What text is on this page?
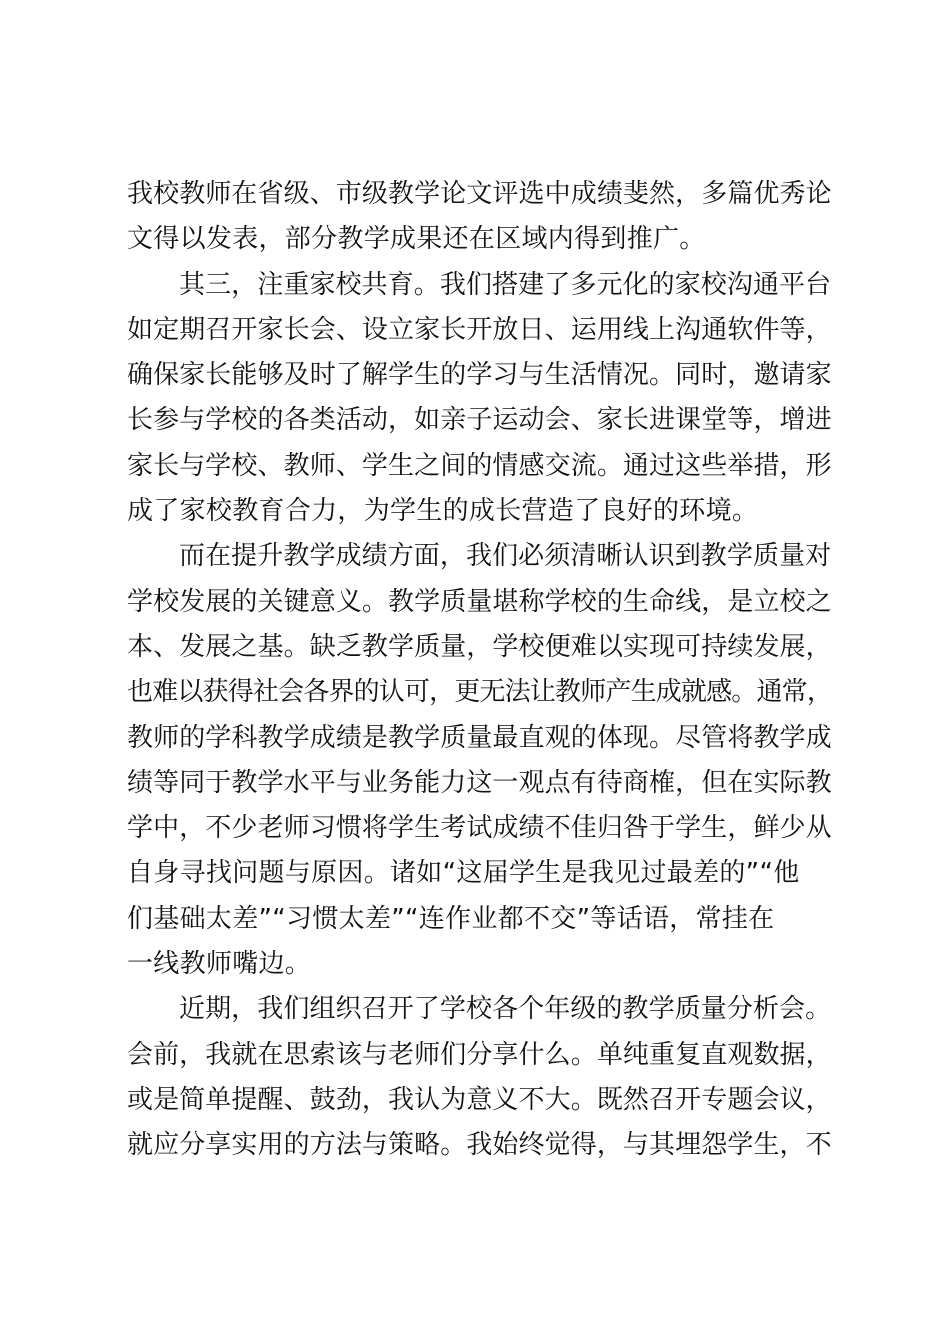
我校教师在省级、市级教学论文评选中成绩斐然，多篇优秀论
文得以发表，部分教学成果还在区域内得到推广。
其三，注重家校共育。我们搭建了多元化的家校沟通平台
如定期召开家长会、设立家长开放日、运用线上沟通软件等，
确保家长能够及时了解学生的学习与生活情况。同时，邀请家
长参与学校的各类活动，如亲子运动会、家长进课堂等，增进
家长与学校、教师、学生之间的情感交流。通过这些举措，形
成了家校教育合力，为学生的成长营造了良好的环境。
而在提升教学成绩方面，我们必须清晰认识到教学质量对
学校发展的关键意义。教学质量堪称学校的生命线，是立校之
本、发展之基。缺乏教学质量，学校便难以实现可持续发展，
也难以获得社会各界的认可，更无法让教师产生成就感。通常，
教师的学科教学成绩是教学质量最直观的体现。尽管将教学成
绩等同于教学水平与业务能力这一观点有待商榷，但在实际教
学中，不少老师习惯将学生考试成绩不佳归咎于学生，鲜少从
自身寻找问题与原因。诸如“这届学生是我见过最差的”“他
们基础太差”“习惯太差”“连作业都不交”等话语，常挂在
一线教师嘴边。
近期，我们组织召开了学校各个年级的教学质量分析会。
会前，我就在思索该与老师们分享什么。单纯重复直观数据，
或是简单提醒、鼓劲，我认为意义不大。既然召开专题会议，
就应分享实用的方法与策略。我始终觉得，与其埋怨学生，不
